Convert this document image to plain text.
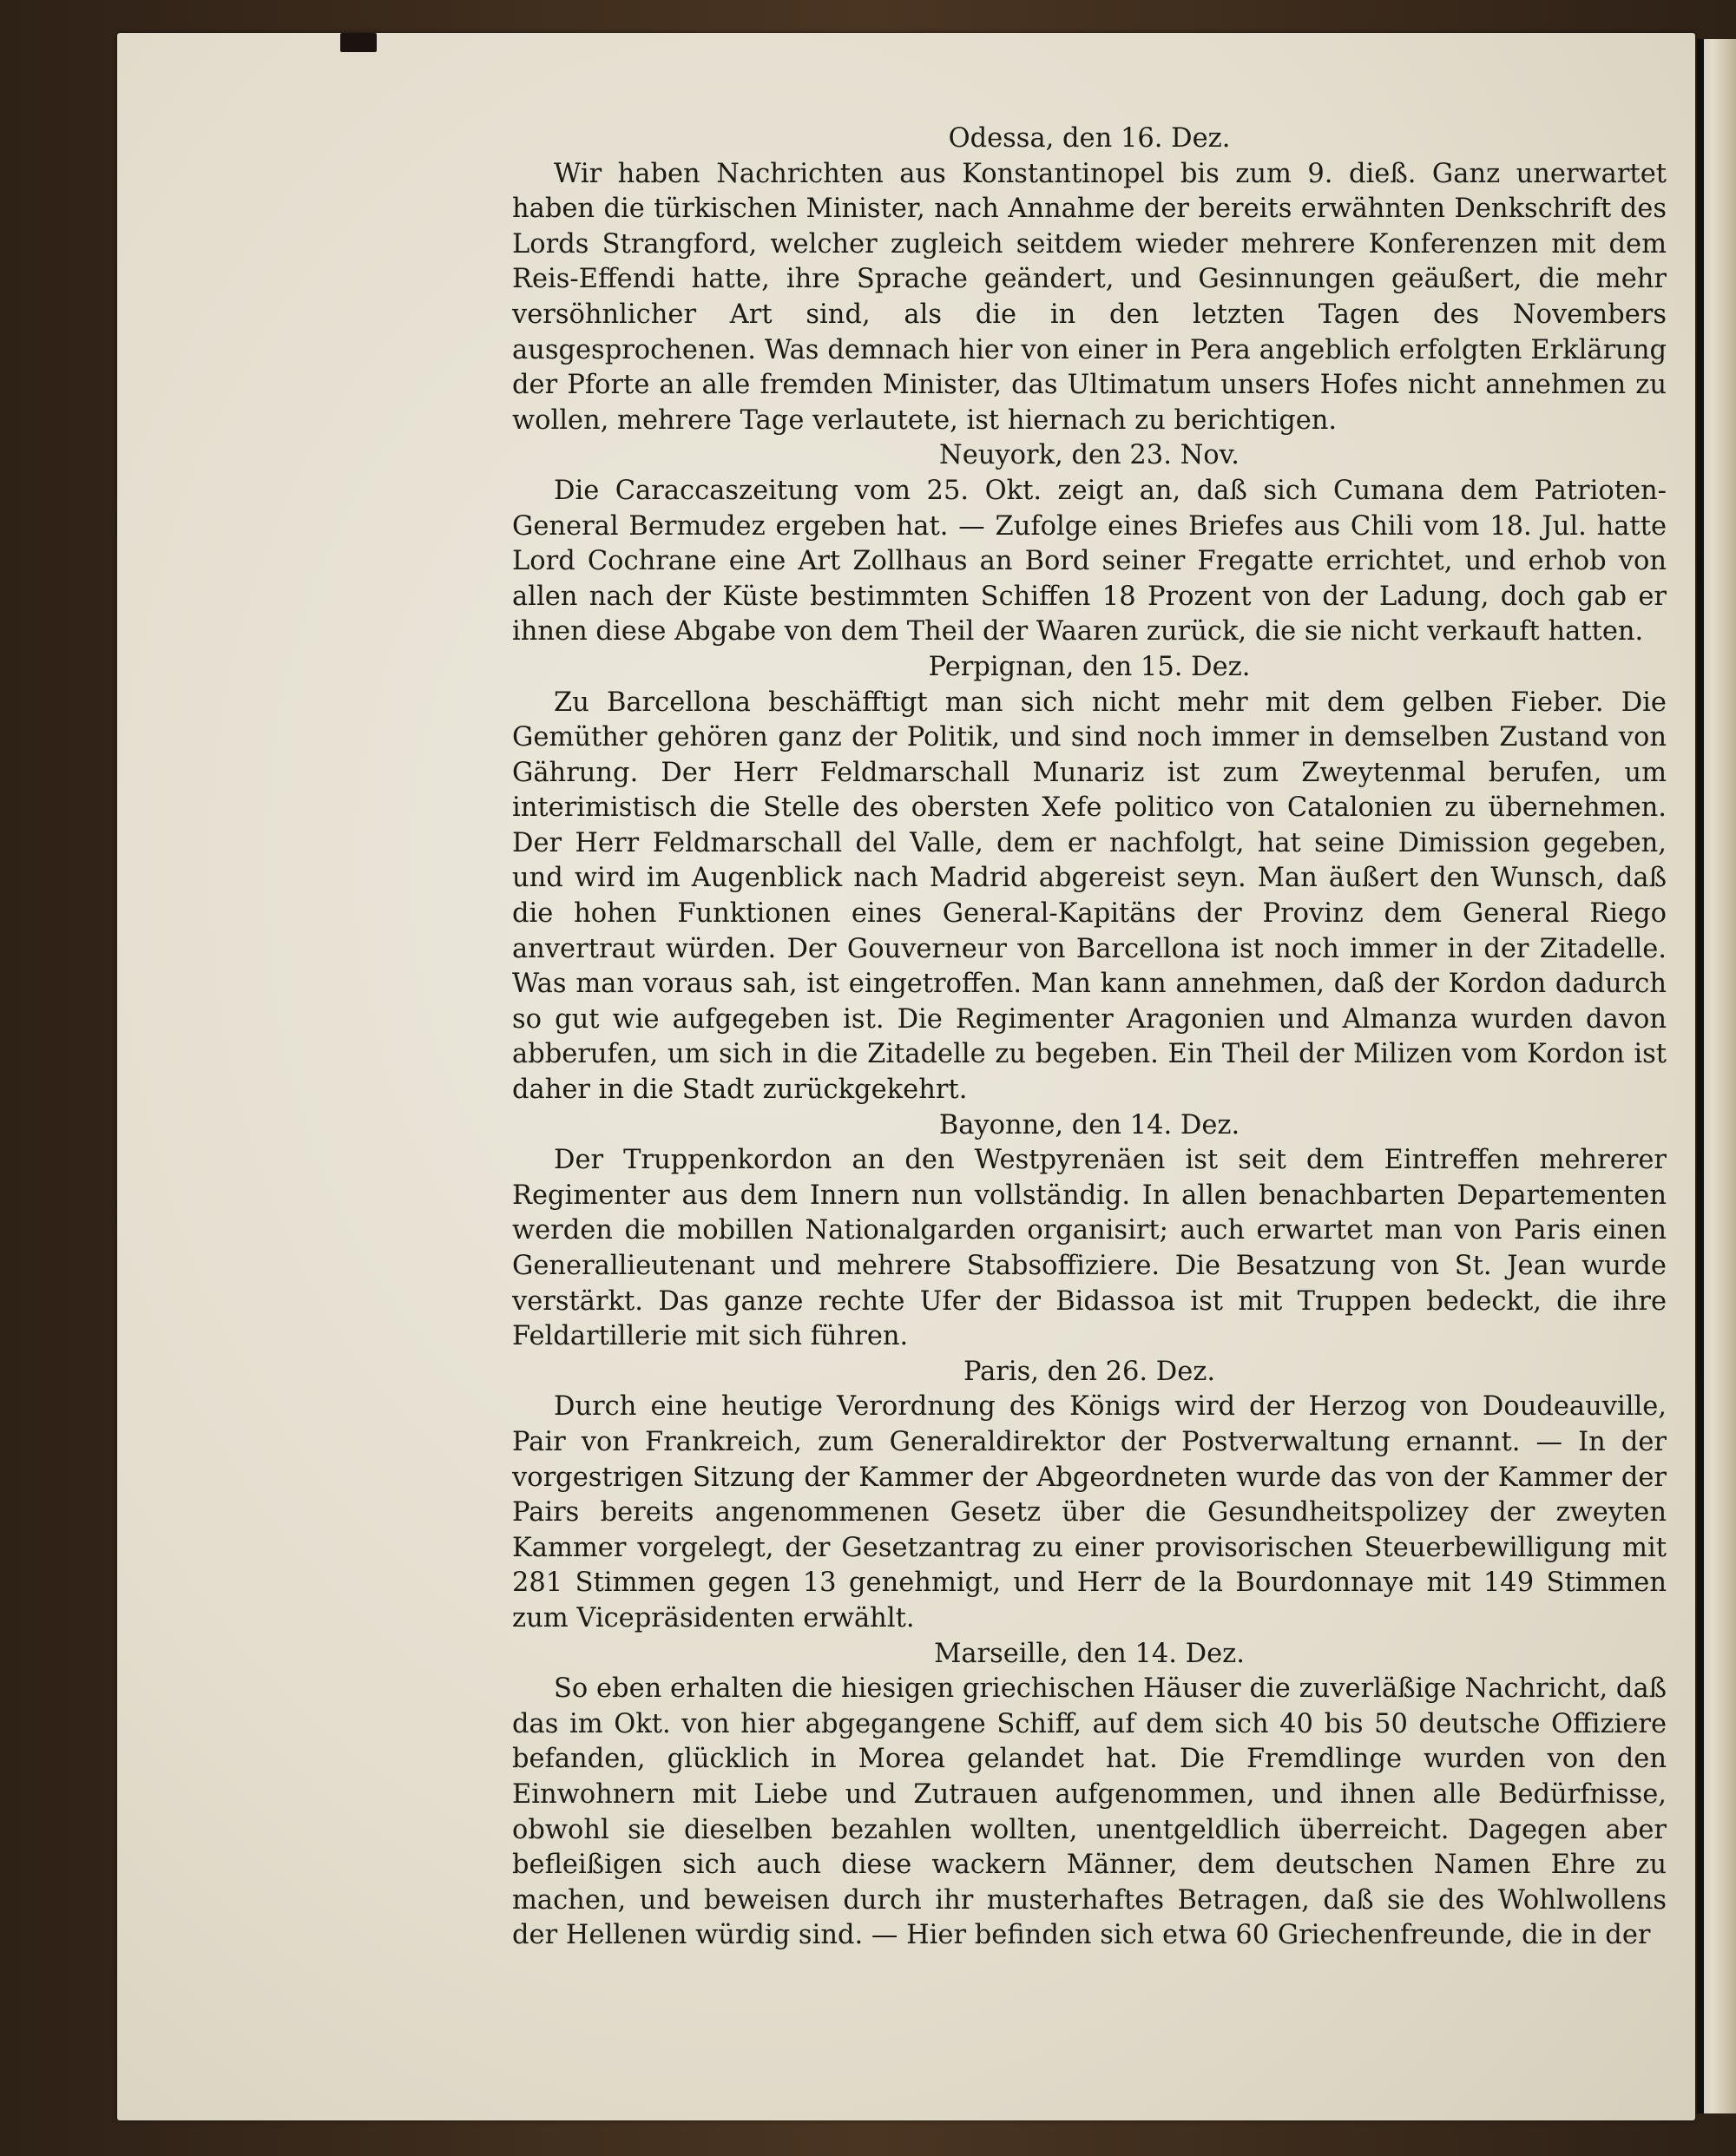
Odessa, den 16. Dez.
Wir haben Nachrichten aus Konstantinopel bis zum 9. dieß. Ganz unerwartet haben die türkischen Minister, nach Annahme der bereits erwähnten Denkschrift des Lords Strangford, welcher zugleich seitdem wieder mehrere Konferenzen mit dem Reis-Effendi hatte, ihre Sprache geändert, und Gesinnungen geäußert, die mehr versöhnlicher Art sind, als die in den letzten Tagen des Novembers ausgesprochenen. Was demnach hier von einer in Pera angeblich erfolgten Erklärung der Pforte an alle fremden Minister, das Ultimatum unsers Hofes nicht annehmen zu wollen, mehrere Tage verlautete, ist hiernach zu berichtigen.
Neuyork, den 23. Nov.
Die Caraccaszeitung vom 25. Okt. zeigt an, daß sich Cumana dem Patrioten-General Bermudez ergeben hat. — Zufolge eines Briefes aus Chili vom 18. Jul. hatte Lord Cochrane eine Art Zollhaus an Bord seiner Fregatte errichtet, und erhob von allen nach der Küste bestimmten Schiffen 18 Prozent von der Ladung, doch gab er ihnen diese Abgabe von dem Theil der Waaren zurück, die sie nicht verkauft hatten.
Perpignan, den 15. Dez.
Zu Barcellona beschäfftigt man sich nicht mehr mit dem gelben Fieber. Die Gemüther gehören ganz der Politik, und sind noch immer in demselben Zustand von Gährung. Der Herr Feldmarschall Munariz ist zum Zweytenmal berufen, um interimistisch die Stelle des obersten Xefe politico von Catalonien zu übernehmen. Der Herr Feldmarschall del Valle, dem er nachfolgt, hat seine Dimission gegeben, und wird im Augenblick nach Madrid abgereist seyn. Man äußert den Wunsch, daß die hohen Funktionen eines General-Kapitäns der Provinz dem General Riego anvertraut würden. Der Gouverneur von Barcellona ist noch immer in der Zitadelle. Was man voraus sah, ist eingetroffen. Man kann annehmen, daß der Kordon dadurch so gut wie aufgegeben ist. Die Regimenter Aragonien und Almanza wurden davon abberufen, um sich in die Zitadelle zu begeben. Ein Theil der Milizen vom Kordon ist daher in die Stadt zurückgekehrt.
Bayonne, den 14. Dez.
Der Truppenkordon an den Westpyrenäen ist seit dem Eintreffen mehrerer Regimenter aus dem Innern nun vollständig. In allen benachbarten Departementen werden die mobillen Nationalgarden organisirt; auch erwartet man von Paris einen Generallieutenant und mehrere Stabsoffiziere. Die Besatzung von St. Jean wurde verstärkt. Das ganze rechte Ufer der Bidassoa ist mit Truppen bedeckt, die ihre Feldartillerie mit sich führen.
Paris, den 26. Dez.
Durch eine heutige Verordnung des Königs wird der Herzog von Doudeauville, Pair von Frankreich, zum Generaldirektor der Postverwaltung ernannt. — In der vorgestrigen Sitzung der Kammer der Abgeordneten wurde das von der Kammer der Pairs bereits angenommenen Gesetz über die Gesundheitspolizey der zweyten Kammer vorgelegt, der Gesetzantrag zu einer provisorischen Steuerbewilligung mit 281 Stimmen gegen 13 genehmigt, und Herr de la Bourdonnaye mit 149 Stimmen zum Vicepräsidenten erwählt.
Marseille, den 14. Dez.
So eben erhalten die hiesigen griechischen Häuser die zuverläßige Nachricht, daß das im Okt. von hier abgegangene Schiff, auf dem sich 40 bis 50 deutsche Offiziere befanden, glücklich in Morea gelandet hat. Die Fremdlinge wurden von den Einwohnern mit Liebe und Zutrauen aufgenommen, und ihnen alle Bedürfnisse, obwohl sie dieselben bezahlen wollten, unentgeldlich überreicht. Dagegen aber befleißigen sich auch diese wackern Männer, dem deutschen Namen Ehre zu machen, und beweisen durch ihr musterhaftes Betragen, daß sie des Wohlwollens der Hellenen würdig sind. — Hier befinden sich etwa 60 Griechenfreunde, die in der
